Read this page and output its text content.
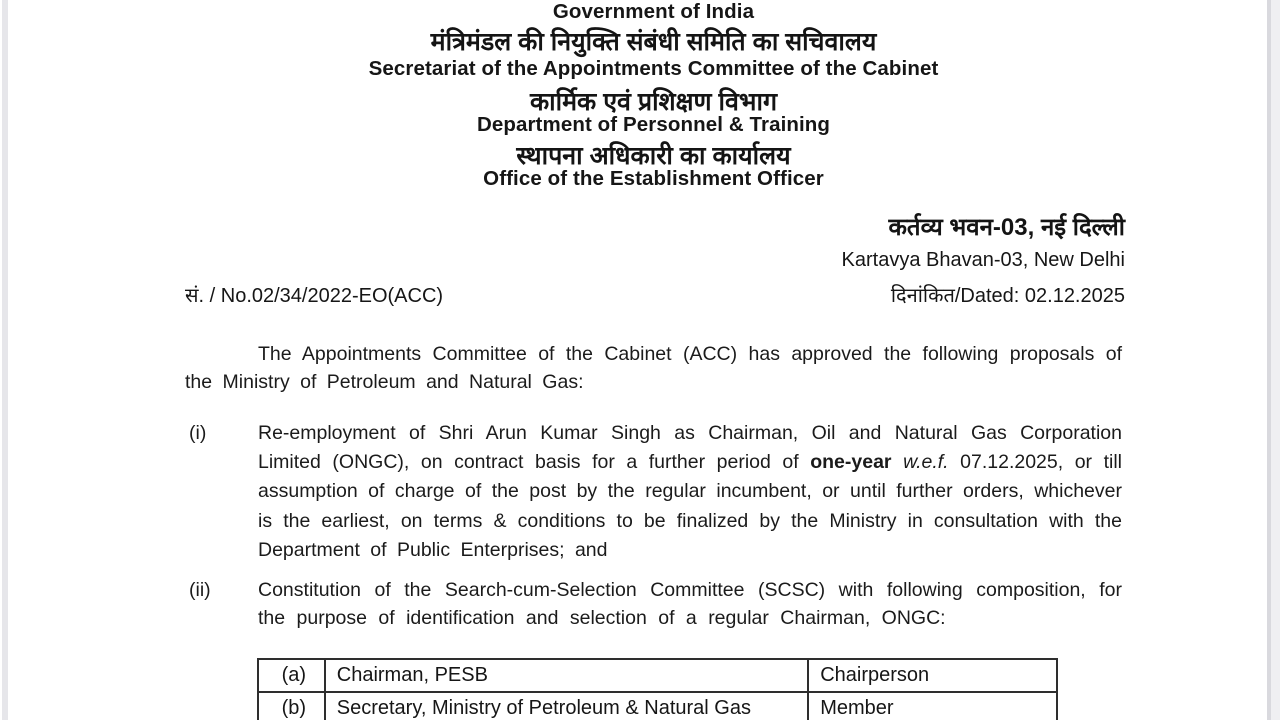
Government of India
मंत्रिमंडल की नियुक्ति संबंधी समिति का सचिवालय
Secretariat of the Appointments Committee of the Cabinet
कार्मिक एवं प्रशिक्षण विभाग
Department of Personnel & Training
स्थापना अधिकारी का कार्यालय
Office of the Establishment Officer
कर्तव्य भवन-03, नई दिल्ली
Kartavya Bhavan-03, New Delhi
सं. / No.02/34/2022-EO(ACC)	दिनांकित/Dated: 02.12.2025
The Appointments Committee of the Cabinet (ACC) has approved the following proposals of the Ministry of Petroleum and Natural Gas:
(i)	Re-employment of Shri Arun Kumar Singh as Chairman, Oil and Natural Gas Corporation Limited (ONGC), on contract basis for a further period of one-year w.e.f. 07.12.2025, or till assumption of charge of the post by the regular incumbent, or until further orders, whichever is the earliest, on terms & conditions to be finalized by the Ministry in consultation with the Department of Public Enterprises; and
(ii) Constitution of the Search-cum-Selection Committee (SCSC) with following composition, for the purpose of identification and selection of a regular Chairman, ONGC:
(a)	Chairman, PESB	Chairperson
(b)	Secretary, Ministry of Petroleum & Natural Gas	Member
